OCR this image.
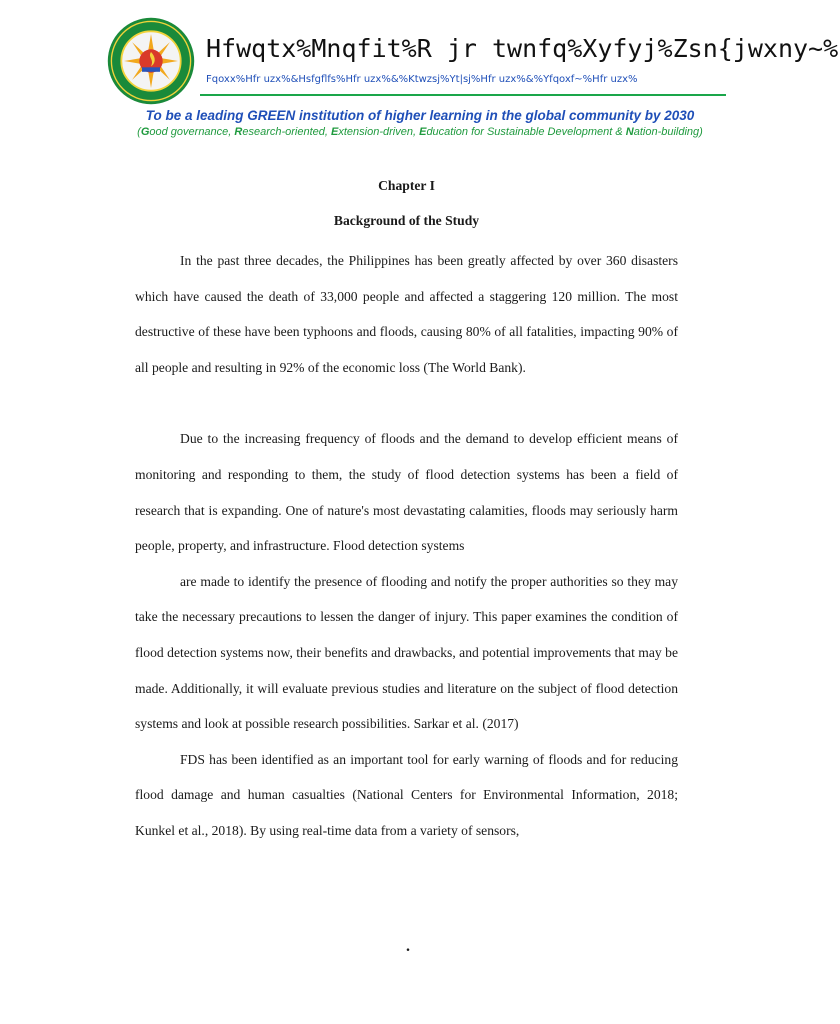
Hfwqtx%Mnqfit%R jr twnfq%Xyfyj%Zsn{jwxny~%
Fqoxx%Hfr uzx%&Hsfgflfs%Hfr uzx%&%Ktwzsj%Yt|sj%Hfr uzx%&%Yfqoxf~%Hfr uzx%
To be a leading GREEN institution of higher learning in the global community by 2030
(Good governance, Research-oriented, Extension-driven, Education for Sustainable Development & Nation-building)

Chapter I

Background of the Study

In the past three decades, the Philippines has been greatly affected by over 360 disasters which have caused the death of 33,000 people and affected a staggering 120 million. The most destructive of these have been typhoons and floods, causing 80% of all fatalities, impacting 90% of all people and resulting in 92% of the economic loss (The World Bank).

Due to the increasing frequency of floods and the demand to develop efficient means of monitoring and responding to them, the study of flood detection systems has been a field of research that is expanding. One of nature's most devastating calamities, floods may seriously harm people, property, and infrastructure. Flood detection systems

are made to identify the presence of flooding and notify the proper authorities so they may take the necessary precautions to lessen the danger of injury. This paper examines the condition of flood detection systems now, their benefits and drawbacks, and potential improvements that may be made. Additionally, it will evaluate previous studies and literature on the subject of flood detection systems and look at possible research possibilities. Sarkar et al. (2017)

FDS has been identified as an important tool for early warning of floods and for reducing flood damage and human casualties (National Centers for Environmental Information, 2018; Kunkel et al., 2018). By using real-time data from a variety of sensors,

.
